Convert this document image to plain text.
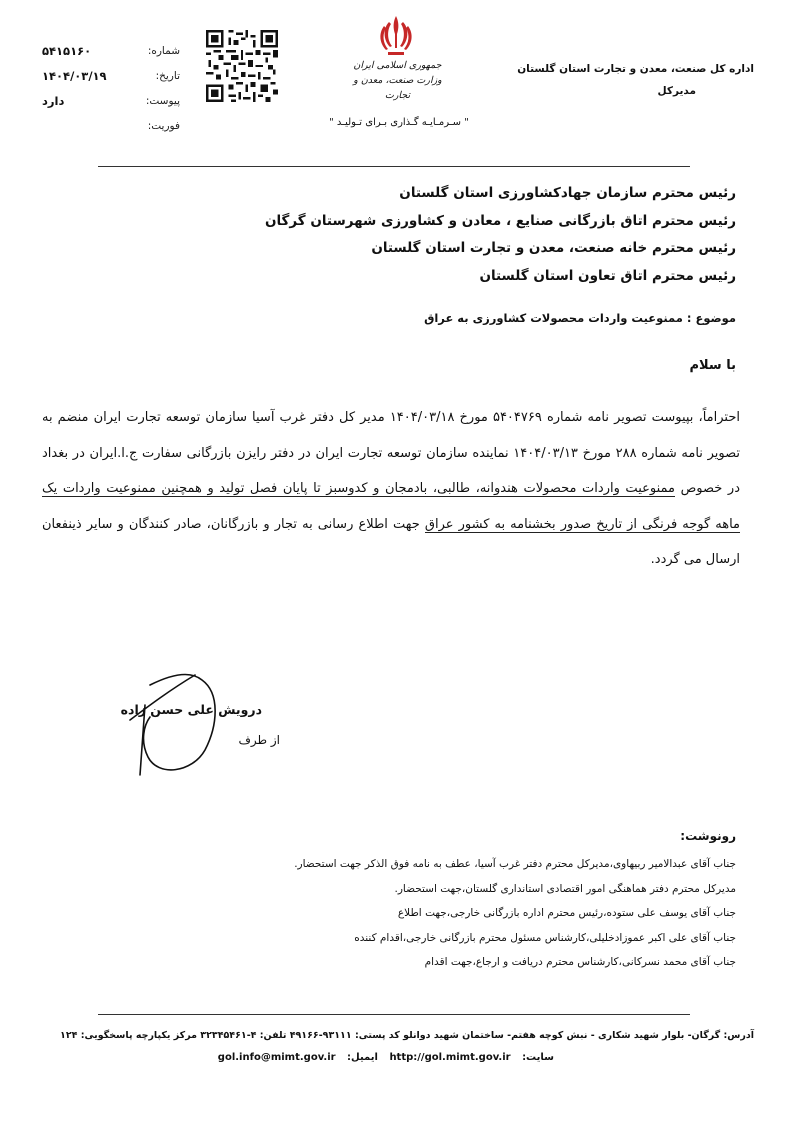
اداره کل صنعت، معدن و تجارت استان گلستان
مدیرکل
جمهوری اسلامی ایران
وزارت صنعت، معدن و تجارت
" سـرمـایـه گـذاری بـرای تـولیـد "
شماره:
۵۴۱۵۱۶۰
تاریخ:
۱۴۰۴/۰۳/۱۹
پیوست:
دارد
فوریت:
رئیس محترم سازمان جهادکشاورزی استان گلستان
رئیس محترم اتاق بازرگانی صنایع ، معادن و کشاورزی شهرستان گرگان
رئیس محترم خانه صنعت، معدن و تجارت استان گلستان
رئیس محترم اتاق تعاون استان گلستان
موضوع : ممنوعیت واردات محصولات کشاورزی به عراق
با سلام
احتراماً، بپیوست تصویر نامه شماره ۵۴۰۴۷۶۹ مورخ ۱۴۰۴/۰۳/۱۸ مدیر کل دفتر غرب آسیا سازمان توسعه تجارت ایران منضم به تصویر نامه شماره ۲۸۸ مورخ ۱۴۰۴/۰۳/۱۳ نماینده سازمان توسعه تجارت ایران در دفتر رایزن بازرگانی سفارت ج.ا.ایران در بغداد در خصوص ممنوعیت واردات محصولات هندوانه، طالبی، بادمجان و کدوسبز تا پایان فصل تولید و همچنین ممنوعیت واردات یک ماهه گوجه فرنگی از تاریخ صدور بخشنامه به کشور عراق جهت اطلاع رسانی به تجار و بازرگانان، صادر کنندگان و سایر ذینفعان ارسال می گردد.
درویش علی حسن زاده
از طرف
رونوشت:
جناب آقای عبدالامیر ربیهاوی،مدیرکل محترم دفتر غرب آسیا، عطف به نامه فوق الذکر جهت استحضار.
مدیرکل محترم دفتر هماهنگی امور اقتصادی استانداری گلستان،جهت استحضار.
جناب آقای یوسف علی ستوده،رئیس محترم اداره بازرگانی خارجی،جهت اطلاع
جناب آقای علی اکبر عموزادخلیلی،کارشناس مسئول محترم بازرگانی خارجی،اقدام کننده
جناب آقای محمد نسرکانی،کارشناس محترم دریافت و ارجاع،جهت اقدام
آدرس: گرگان- بلوار شهید شکاری - نبش کوچه هفتم- ساختمان شهید دوانلو کد پستی: ۹۳۱۱۱-۴۹۱۶۶ تلفن: ۴-۳۲۳۴۵۴۶۱ مرکز یکپارچه پاسخگویی: ۱۲۴
سایت: http://gol.mimt.gov.ir ایمیل: gol.info@mimt.gov.ir
